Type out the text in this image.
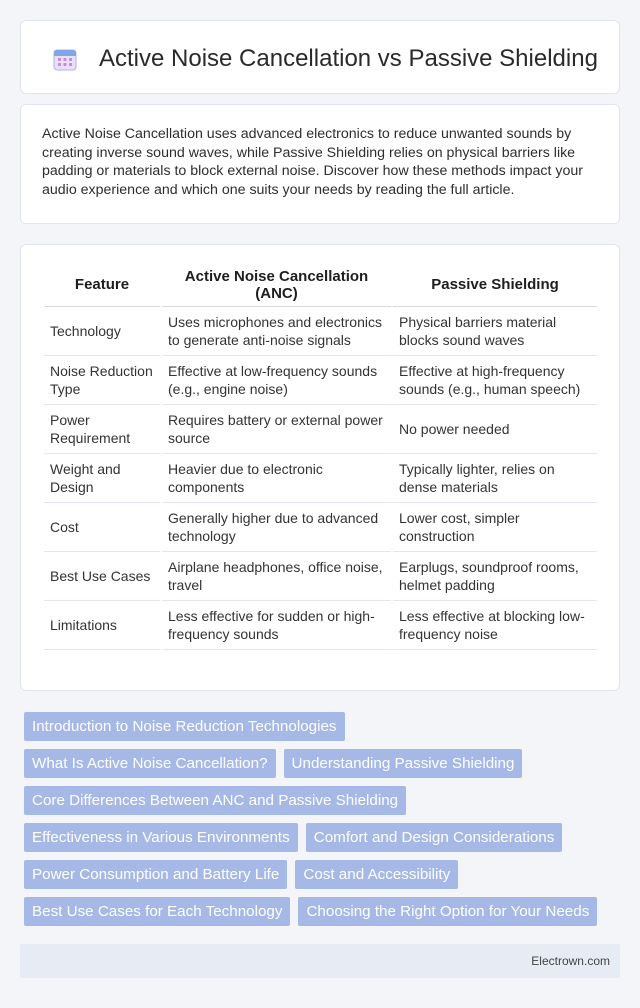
Active Noise Cancellation vs Passive Shielding

Active Noise Cancellation uses advanced electronics to reduce unwanted sounds by creating inverse sound waves, while Passive Shielding relies on physical barriers like padding or materials to block external noise. Discover how these methods impact your audio experience and which one suits your needs by reading the full article.

Feature	Active Noise Cancellation (ANC)	Passive Shielding
Technology	Uses microphones and electronics to generate anti-noise signals	Physical barriers material blocks sound waves
Noise Reduction Type	Effective at low-frequency sounds (e.g., engine noise)	Effective at high-frequency sounds (e.g., human speech)
Power Requirement	Requires battery or external power source	No power needed
Weight and Design	Heavier due to electronic components	Typically lighter, relies on dense materials
Cost	Generally higher due to advanced technology	Lower cost, simpler construction
Best Use Cases	Airplane headphones, office noise, travel	Earplugs, soundproof rooms, helmet padding
Limitations	Less effective for sudden or high-frequency sounds	Less effective at blocking low-frequency noise
Introduction to Noise Reduction Technologies
What Is Active Noise Cancellation?	Understanding Passive Shielding
Core Differences Between ANC and Passive Shielding
Effectiveness in Various Environments	Comfort and Design Considerations
Power Consumption and Battery Life	Cost and Accessibility
Best Use Cases for Each Technology	Choosing the Right Option for Your Needs
Electrown.com
